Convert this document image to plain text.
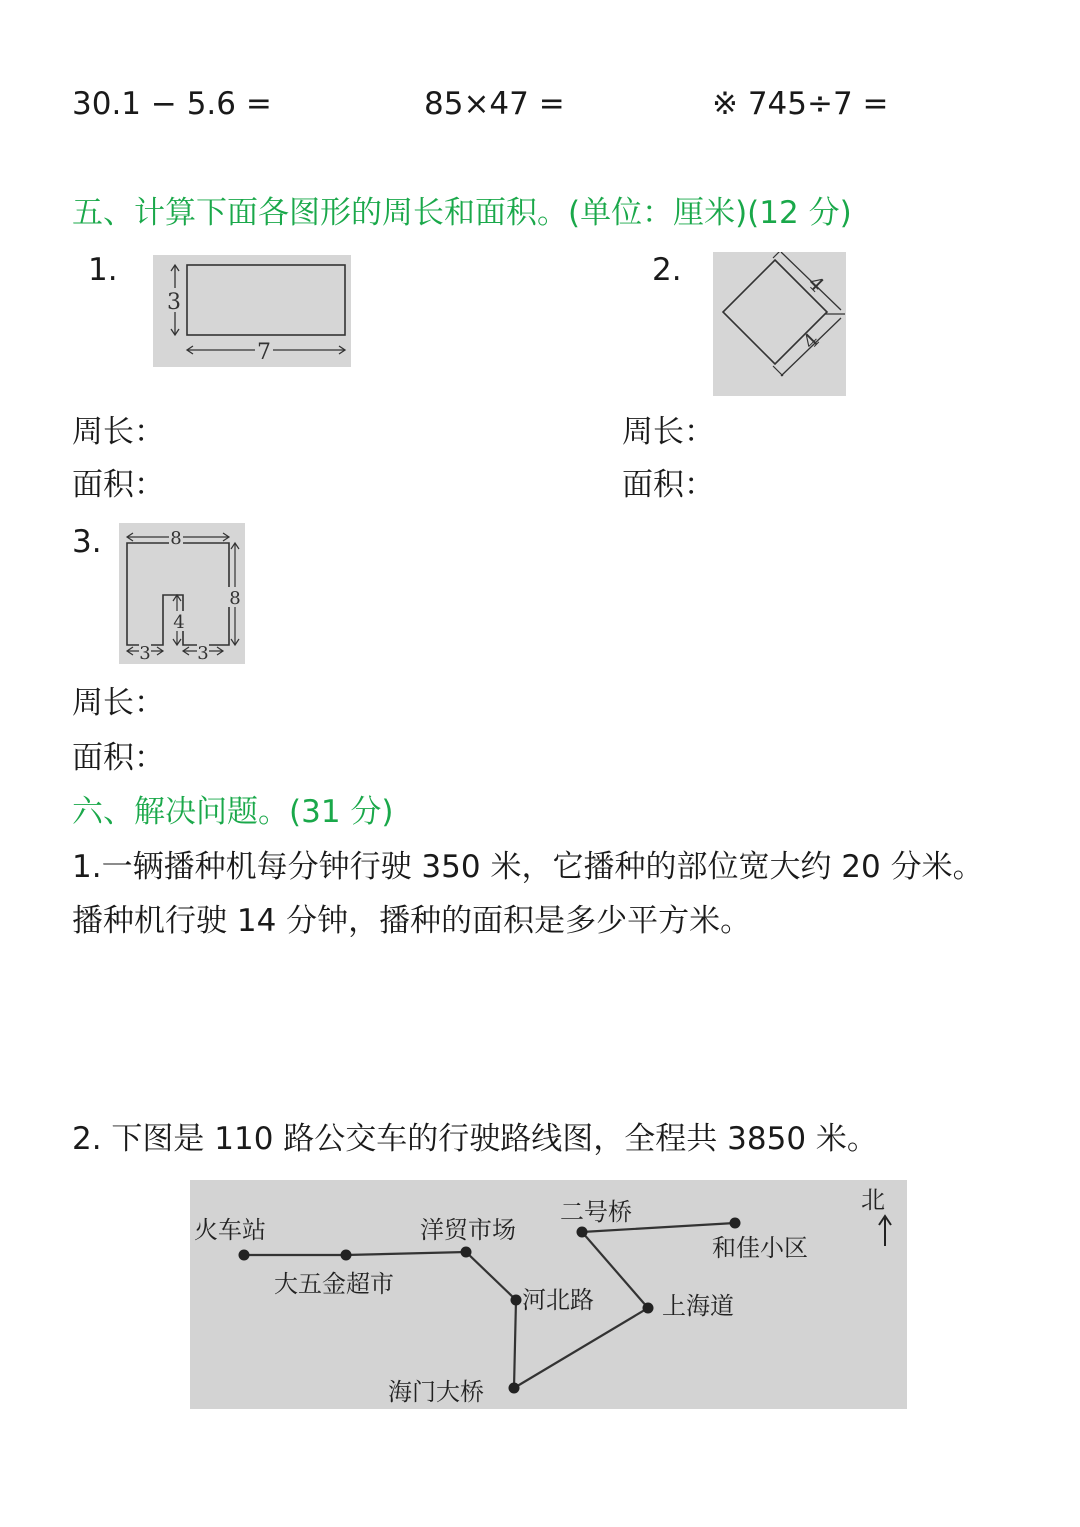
30.1 − 5.6 =	85×47 =	※ 745÷7 =
五、计算下面各图形的周长和面积。(单位：厘米)(12 分)
1.
3
7
2.	4
4
周长：
面积：
周长：
面积：
3.	8
8
4
3	3
周长：
面积：
六、解决问题。(31 分)
1.一辆播种机每分钟行驶 350 米，它播种的部位宽大约 20 分米。
播种机行驶 14 分钟，播种的面积是多少平方米。
2. 下图是 110 路公交车的行驶路线图，全程共 3850 米。
火车站
大五金超市
洋贸市场
二号桥
和佳小区
河北路	上海道
海门大桥
北
